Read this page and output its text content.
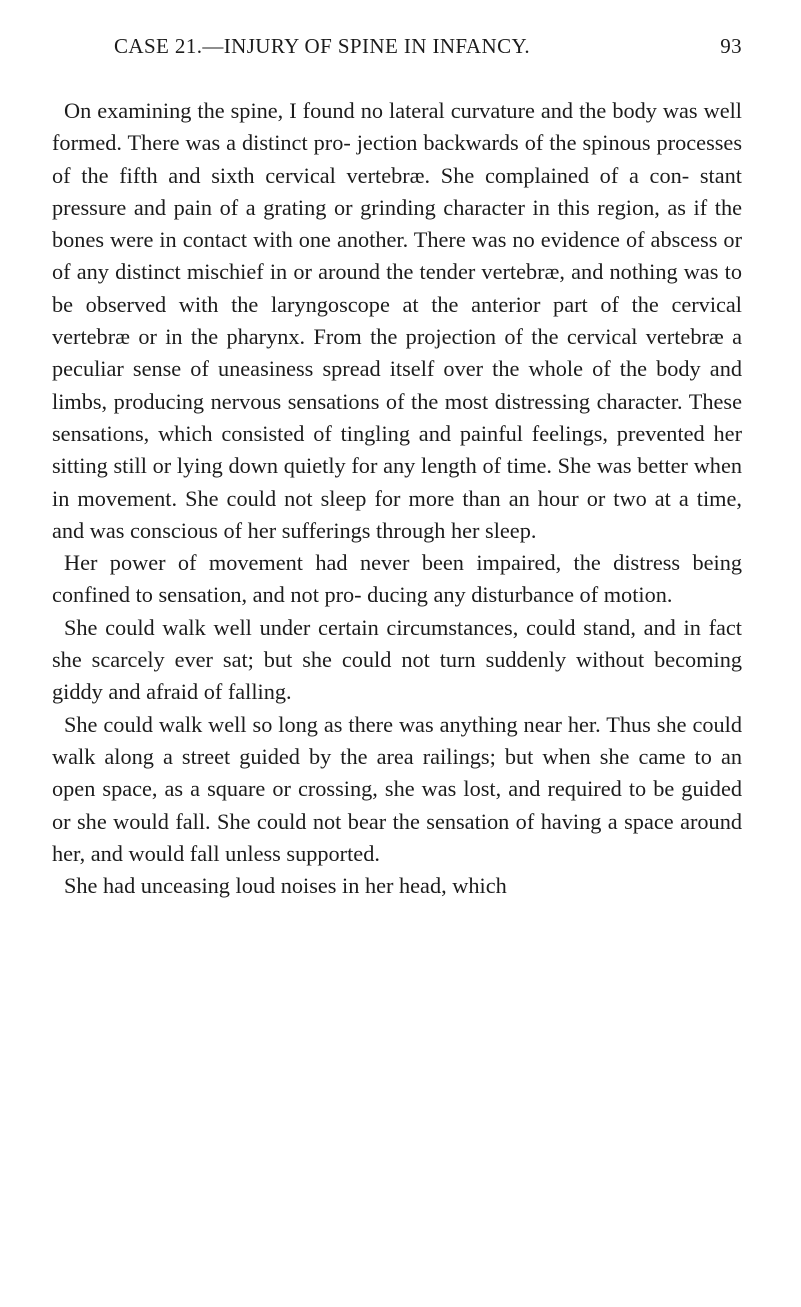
CASE 21.—INJURY OF SPINE IN INFANCY.	93

On examining the spine, I found no lateral curvature and the body was well formed. There was a distinct pro- jection backwards of the spinous processes of the fifth and sixth cervical vertebræ. She complained of a con- stant pressure and pain of a grating or grinding character in this region, as if the bones were in contact with one another. There was no evidence of abscess or of any distinct mischief in or around the tender vertebræ, and nothing was to be observed with the laryngoscope at the anterior part of the cervical vertebræ or in the pharynx. From the projection of the cervical vertebræ a peculiar sense of uneasiness spread itself over the whole of the body and limbs, producing nervous sensations of the most distressing character. These sensations, which consisted of tingling and painful feelings, prevented her sitting still or lying down quietly for any length of time. She was better when in movement. She could not sleep for more than an hour or two at a time, and was conscious of her sufferings through her sleep.

Her power of movement had never been impaired, the distress being confined to sensation, and not pro- ducing any disturbance of motion.

She could walk well under certain circumstances, could stand, and in fact she scarcely ever sat; but she could not turn suddenly without becoming giddy and afraid of falling.

She could walk well so long as there was anything near her. Thus she could walk along a street guided by the area railings; but when she came to an open space, as a square or crossing, she was lost, and required to be guided or she would fall. She could not bear the sensation of having a space around her, and would fall unless supported.

She had unceasing loud noises in her head, which
